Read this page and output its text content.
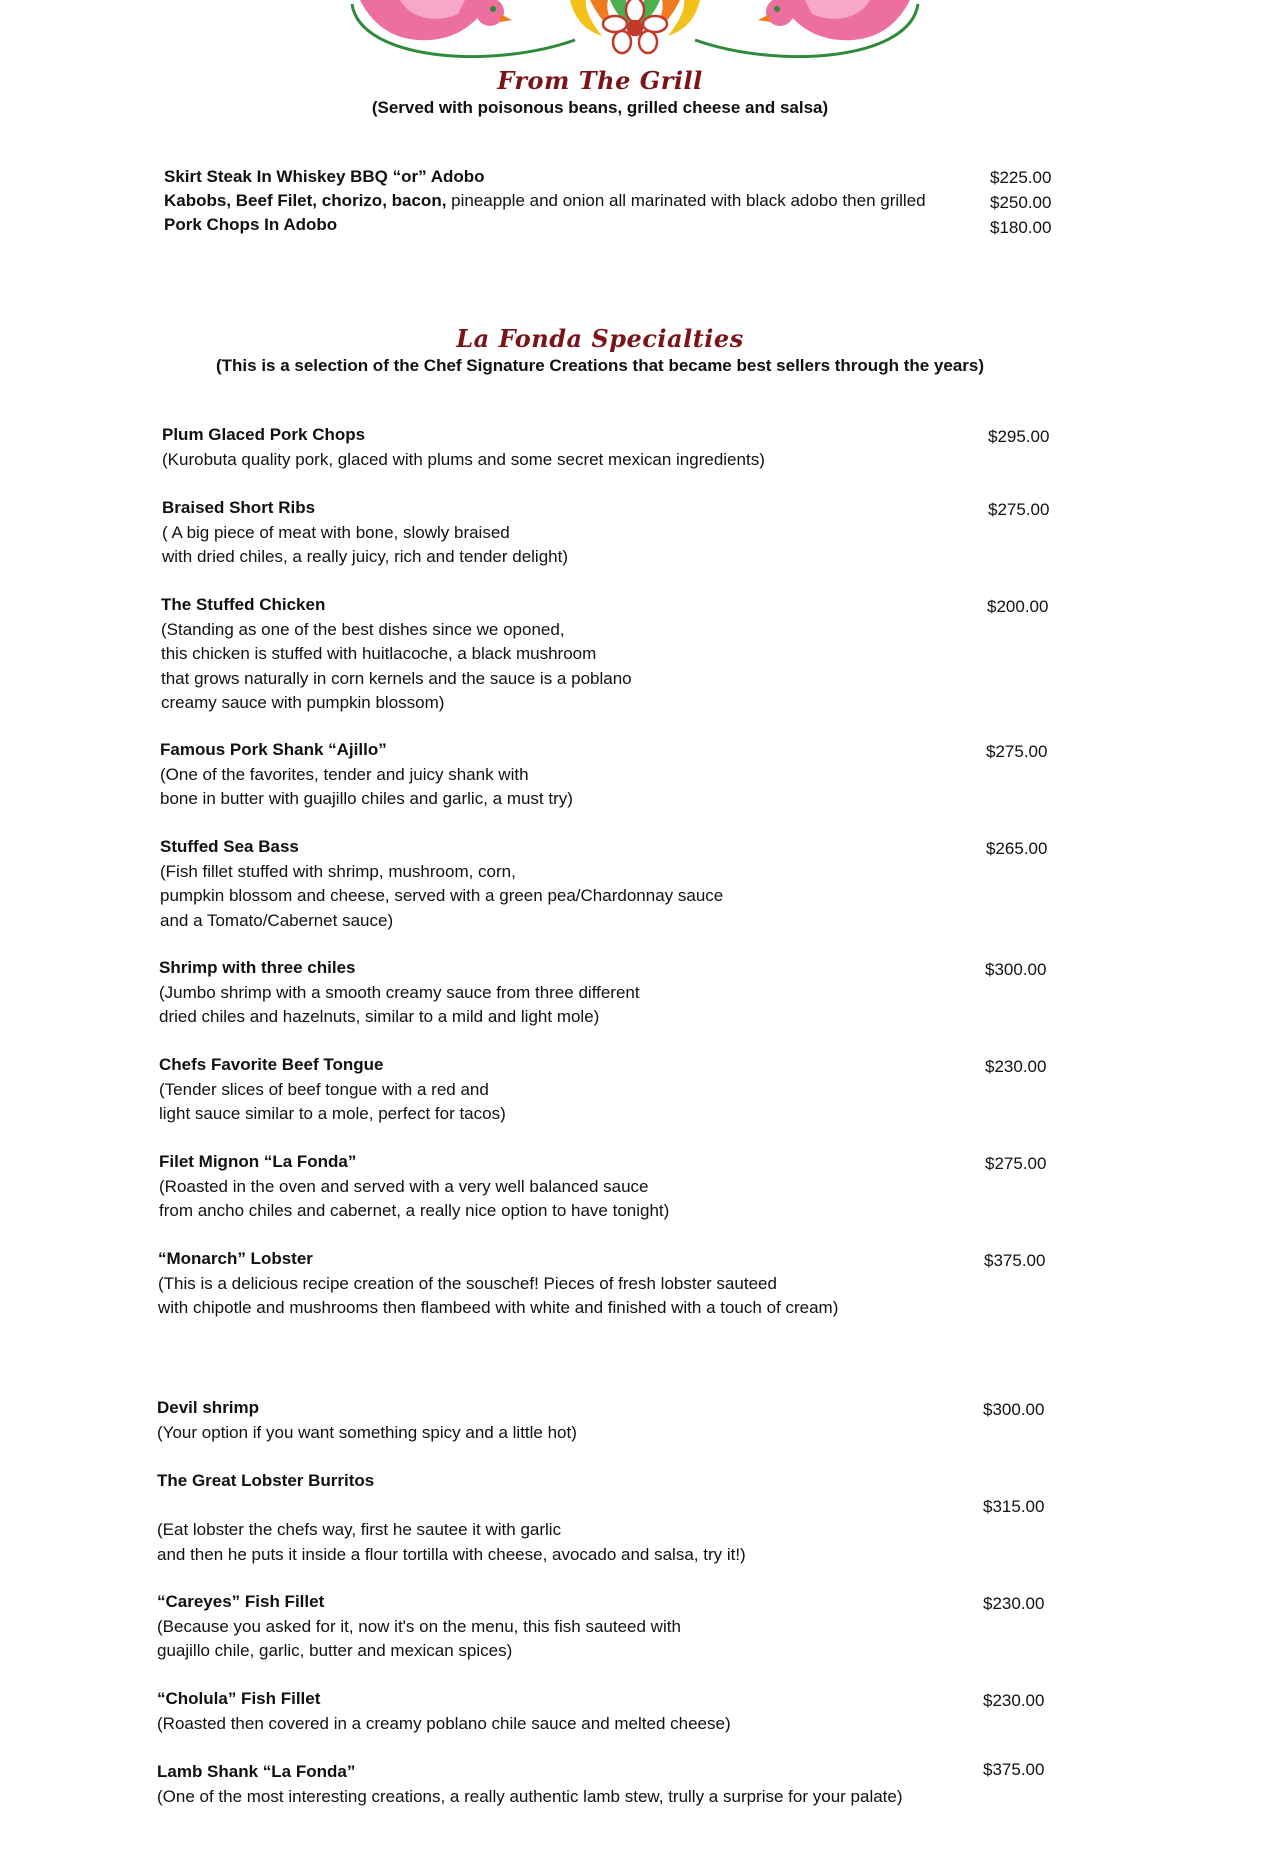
From The Grill
(Served with poisonous beans, grilled cheese and salsa)
Skirt Steak In Whiskey BBQ “or” Adobo
Kabobs, Beef Filet, chorizo, bacon, pineapple and onion all marinated with black adobo then grilled
Pork Chops In Adobo
$225.00
$250.00
$180.00
La Fonda Specialties
(This is a selection of the Chef Signature Creations that became best sellers through the years)
Plum Glaced Pork Chops
(Kurobuta quality pork, glaced with plums and some secret mexican ingredients)
$295.00
Braised Short Ribs
( A big piece of meat with bone, slowly braised
with dried chiles, a really juicy, rich and tender delight)
$275.00
The Stuffed Chicken
(Standing as one of the best dishes since we oponed,
this chicken is stuffed with huitlacoche, a black mushroom
that grows naturally in corn kernels and the sauce is a poblano
creamy sauce with pumpkin blossom)
$200.00
Famous Pork Shank “Ajillo”
(One of the favorites, tender and juicy shank with
bone in butter with guajillo chiles and garlic, a must try)
$275.00
Stuffed Sea Bass
(Fish fillet stuffed with shrimp, mushroom, corn,
pumpkin blossom and cheese, served with a green pea/Chardonnay sauce
and a Tomato/Cabernet sauce)
$265.00
Shrimp with three chiles
(Jumbo shrimp with a smooth creamy sauce from three different
dried chiles and hazelnuts, similar to a mild and light mole)
$300.00
Chefs Favorite Beef Tongue
(Tender slices of beef tongue with a red and
light sauce similar to a mole, perfect for tacos)
$230.00
Filet Mignon “La Fonda”
(Roasted in the oven and served with a very well balanced sauce
from ancho chiles and cabernet, a really nice option to have tonight)
$275.00
“Monarch” Lobster
(This is a delicious recipe creation of the souschef! Pieces of fresh lobster sauteed
with chipotle and mushrooms then flambeed with white and finished with a touch of cream)
$375.00
Devil shrimp
(Your option if you want something spicy and a little hot)
$300.00
The Great Lobster Burritos

(Eat lobster the chefs way, first he sautee it with garlic
and then he puts it inside a flour tortilla with cheese, avocado and salsa, try it!)
$315.00
“Careyes” Fish Fillet
(Because you asked for it, now it's on the menu, this fish sauteed with
guajillo chile, garlic, butter and mexican spices)
$230.00
“Cholula” Fish Fillet
(Roasted then covered in a creamy poblano chile sauce and melted cheese)
$230.00
Lamb Shank “La Fonda”
(One of the most interesting creations, a really authentic lamb stew, trully a surprise for your palate)
$375.00
